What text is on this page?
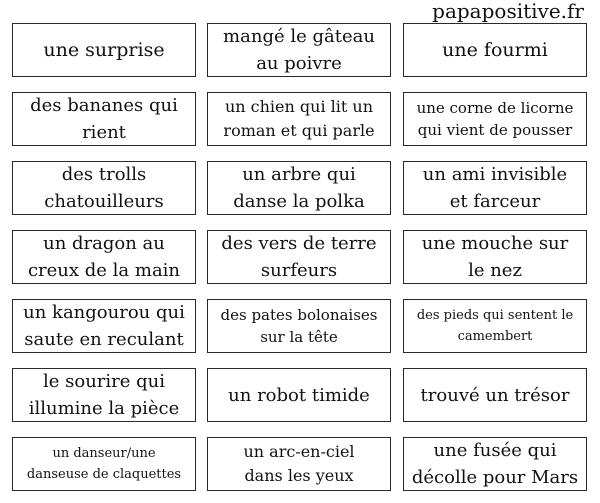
papapositive.fr
une surprise
mangé le gâteau
au poivre
une fourmi
des bananes qui
rient
un chien qui lit un
roman et qui parle
une corne de licorne
qui vient de pousser
des trolls
chatouilleurs
un arbre qui
danse la polka
un ami invisible
et farceur
un dragon au
creux de la main
des vers de terre
surfeurs
une mouche sur
le nez
un kangourou qui
saute en reculant
des pates bolonaises
sur la tête
des pieds qui sentent le
camembert
le sourire qui
illumine la pièce
un robot timide	trouvé un trésor
un danseur/une
danseuse de claquettes
un arc-en-ciel
dans les yeux
une fusée qui
décolle pour Mars
